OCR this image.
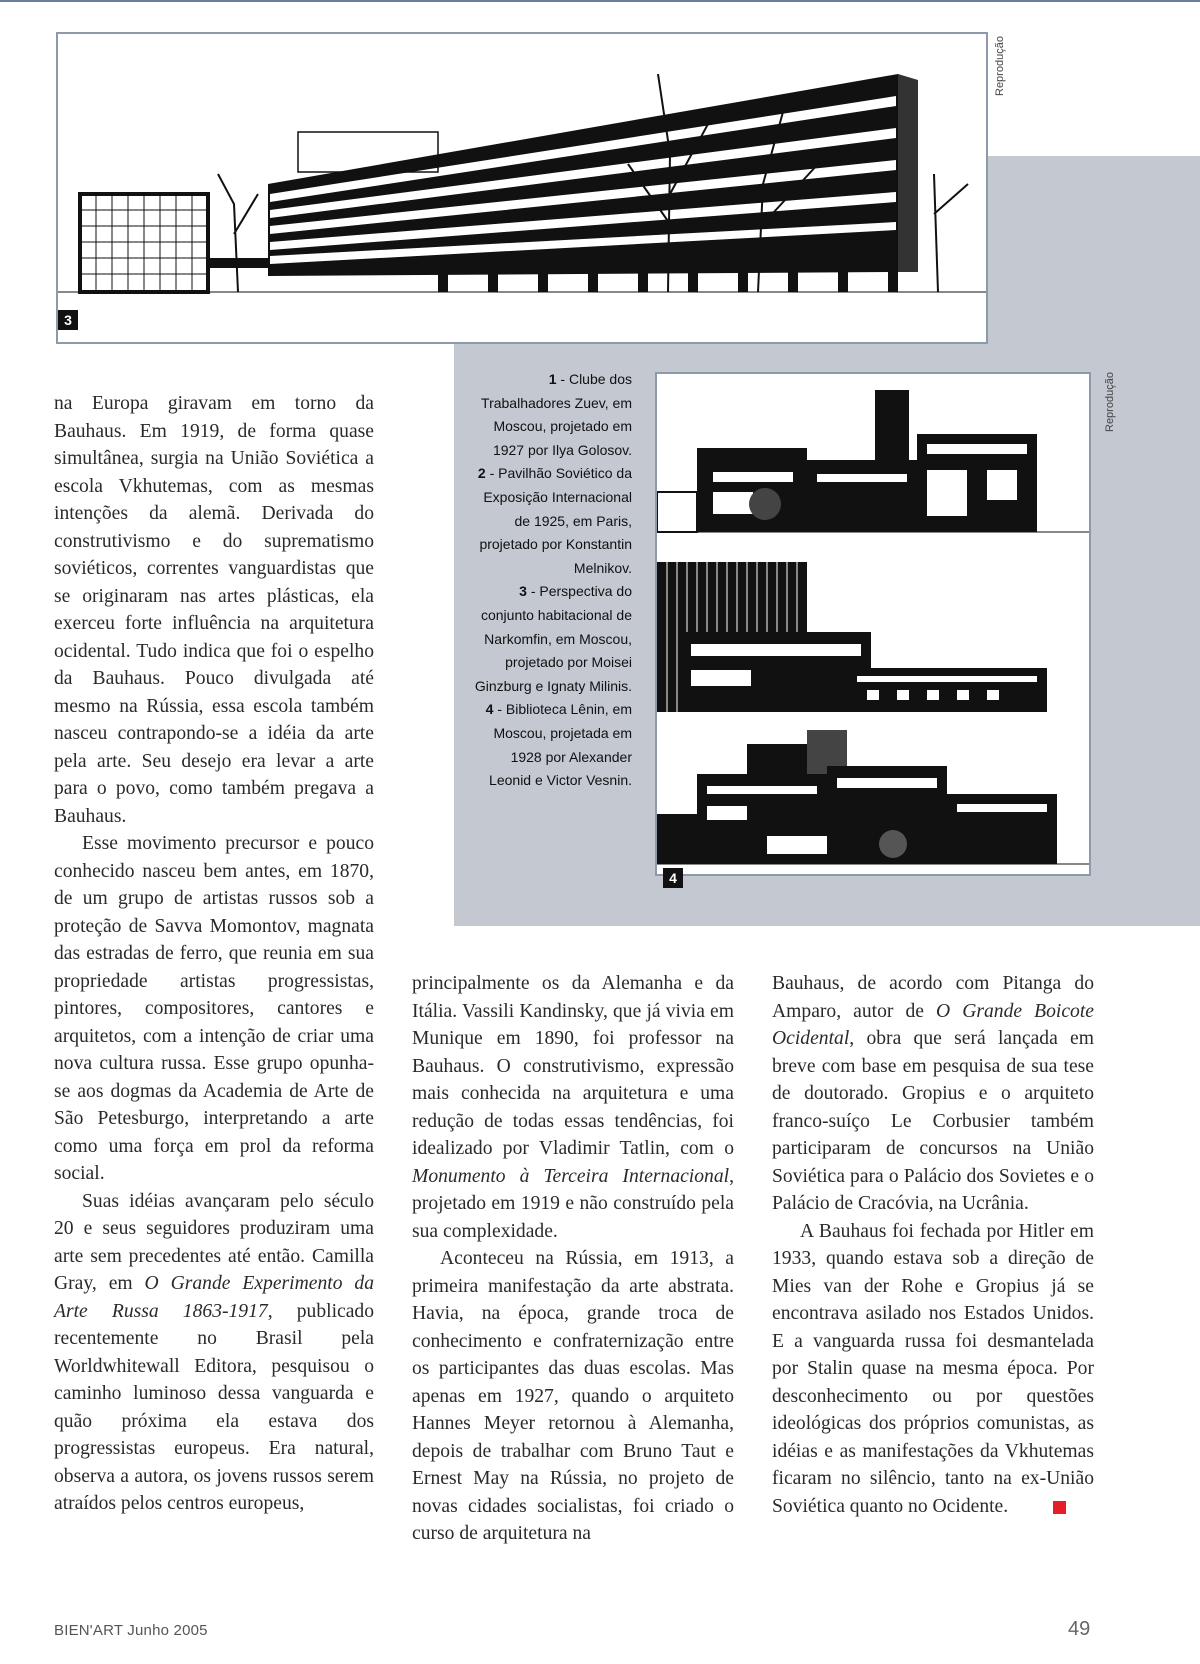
3
Reprodução
1 - Clube dos Trabalhadores Zuev, em Moscou, projetado em 1927 por Ilya Golosov.
2 - Pavilhão Soviético da Exposição Internacional de 1925, em Paris, projetado por Konstantin Melnikov.
3 - Perspectiva do conjunto habitacional de Narkomfin, em Moscou, projetado por Moisei Ginzburg e Ignaty Milinis.
4 - Biblioteca Lênin, em Moscou, projetada em 1928 por Alexander Leonid e Victor Vesnin.
4
Reprodução

na Europa giravam em torno da Bauhaus. Em 1919, de forma quase simultânea, surgia na União Soviética a escola Vkhutemas, com as mesmas intenções da alemã. Derivada do construtivismo e do suprematismo soviéticos, correntes vanguardistas que se originaram nas artes plásticas, ela exerceu forte influência na arquitetura ocidental. Tudo indica que foi o espelho da Bauhaus. Pouco divulgada até mesmo na Rússia, essa escola também nasceu contrapondo-se a idéia da arte pela arte. Seu desejo era levar a arte para o povo, como também pregava a Bauhaus.

Esse movimento precursor e pouco conhecido nasceu bem antes, em 1870, de um grupo de artistas russos sob a proteção de Savva Momontov, magnata das estradas de ferro, que reunia em sua propriedade artistas progressistas, pintores, compositores, cantores e arquitetos, com a intenção de criar uma nova cultura russa. Esse grupo opunha-se aos dogmas da Academia de Arte de São Petesburgo, interpretando a arte como uma força em prol da reforma social.

Suas idéias avançaram pelo século 20 e seus seguidores produziram uma arte sem precedentes até então. Camilla Gray, em O Grande Experimento da Arte Russa 1863-1917, publicado recentemente no Brasil pela Worldwhitewall Editora, pesquisou o caminho luminoso dessa vanguarda e quão próxima ela estava dos progressistas europeus. Era natural, observa a autora, os jovens russos serem atraídos pelos centros europeus,

principalmente os da Alemanha e da Itália. Vassili Kandinsky, que já vivia em Munique em 1890, foi professor na Bauhaus. O construtivismo, expressão mais conhecida na arquitetura e uma redução de todas essas tendências, foi idealizado por Vladimir Tatlin, com o Monumento à Terceira Internacional, projetado em 1919 e não construído pela sua complexidade.

Aconteceu na Rússia, em 1913, a primeira manifestação da arte abstrata. Havia, na época, grande troca de conhecimento e confraternização entre os participantes das duas escolas. Mas apenas em 1927, quando o arquiteto Hannes Meyer retornou à Alemanha, depois de trabalhar com Bruno Taut e Ernest May na Rússia, no projeto de novas cidades socialistas, foi criado o curso de arquitetura na

Bauhaus, de acordo com Pitanga do Amparo, autor de O Grande Boicote Ocidental, obra que será lançada em breve com base em pesquisa de sua tese de doutorado. Gropius e o arquiteto franco-suíço Le Corbusier também participaram de concursos na União Soviética para o Palácio dos Sovietes e o Palácio de Cracóvia, na Ucrânia.

A Bauhaus foi fechada por Hitler em 1933, quando estava sob a direção de Mies van der Rohe e Gropius já se encontrava asilado nos Estados Unidos. E a vanguarda russa foi desmantelada por Stalin quase na mesma época. Por desconhecimento ou por questões ideológicas dos próprios comunistas, as idéias e as manifestações da Vkhutemas ficaram no silêncio, tanto na ex-União Soviética quanto no Ocidente.

BIEN'ART Junho 2005	49
